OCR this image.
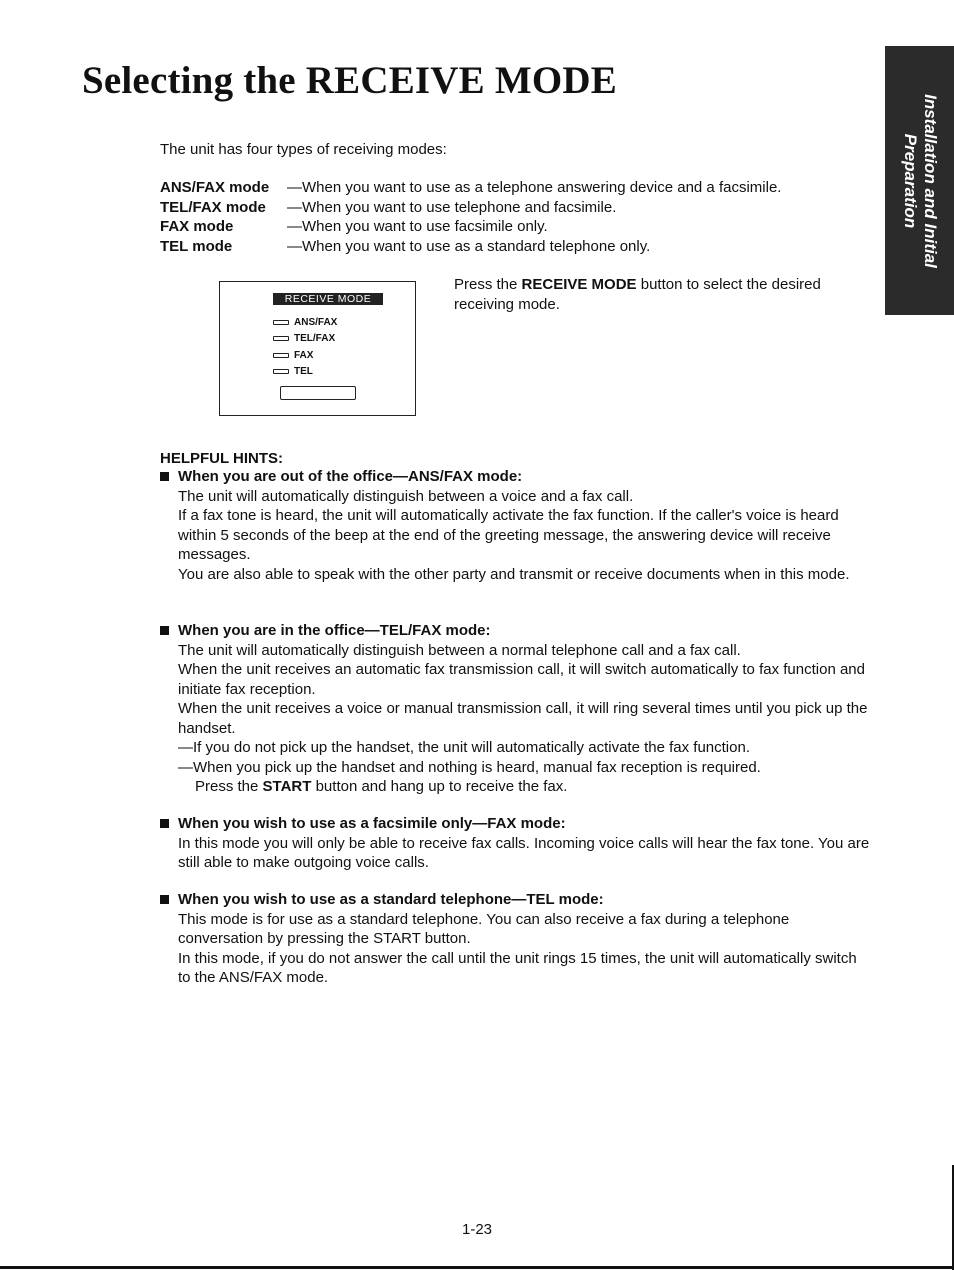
Selecting the RECEIVE MODE
Installation and Initial Preparation
The unit has four types of receiving modes:
ANS/FAX mode	—When you want to use as a telephone answering device and a facsimile.
TEL/FAX mode	—When you want to use telephone and facsimile.
FAX mode	—When you want to use facsimile only.
TEL mode	—When you want to use as a standard telephone only.
RECEIVE MODE
ANS/FAX
TEL/FAX
FAX
TEL
Press the RECEIVE MODE button to select the desired receiving mode.
HELPFUL HINTS:
When you are out of the office—ANS/FAX mode:

The unit will automatically distinguish between a voice and a fax call.

If a fax tone is heard, the unit will automatically activate the fax function. If the caller's voice is heard within 5 seconds of the beep at the end of the greeting message, the answering device will receive messages.

You are also able to speak with the other party and transmit or receive documents when in this mode.

When you are in the office—TEL/FAX mode:

The unit will automatically distinguish between a normal telephone call and a fax call.

When the unit receives an automatic fax transmission call, it will switch automatically to fax function and initiate fax reception.

When the unit receives a voice or manual transmission call, it will ring several times until you pick up the handset.

—If you do not pick up the handset, the unit will automatically activate the fax function.

—When you pick up the handset and nothing is heard, manual fax reception is required.

Press the START button and hang up to receive the fax.

When you wish to use as a facsimile only—FAX mode:

In this mode you will only be able to receive fax calls. Incoming voice calls will hear the fax tone. You are still able to make outgoing voice calls.

When you wish to use as a standard telephone—TEL mode:

This mode is for use as a standard telephone. You can also receive a fax during a telephone conversation by pressing the START button.

In this mode, if you do not answer the call until the unit rings 15 times, the unit will automatically switch to the ANS/FAX mode.

1-23
